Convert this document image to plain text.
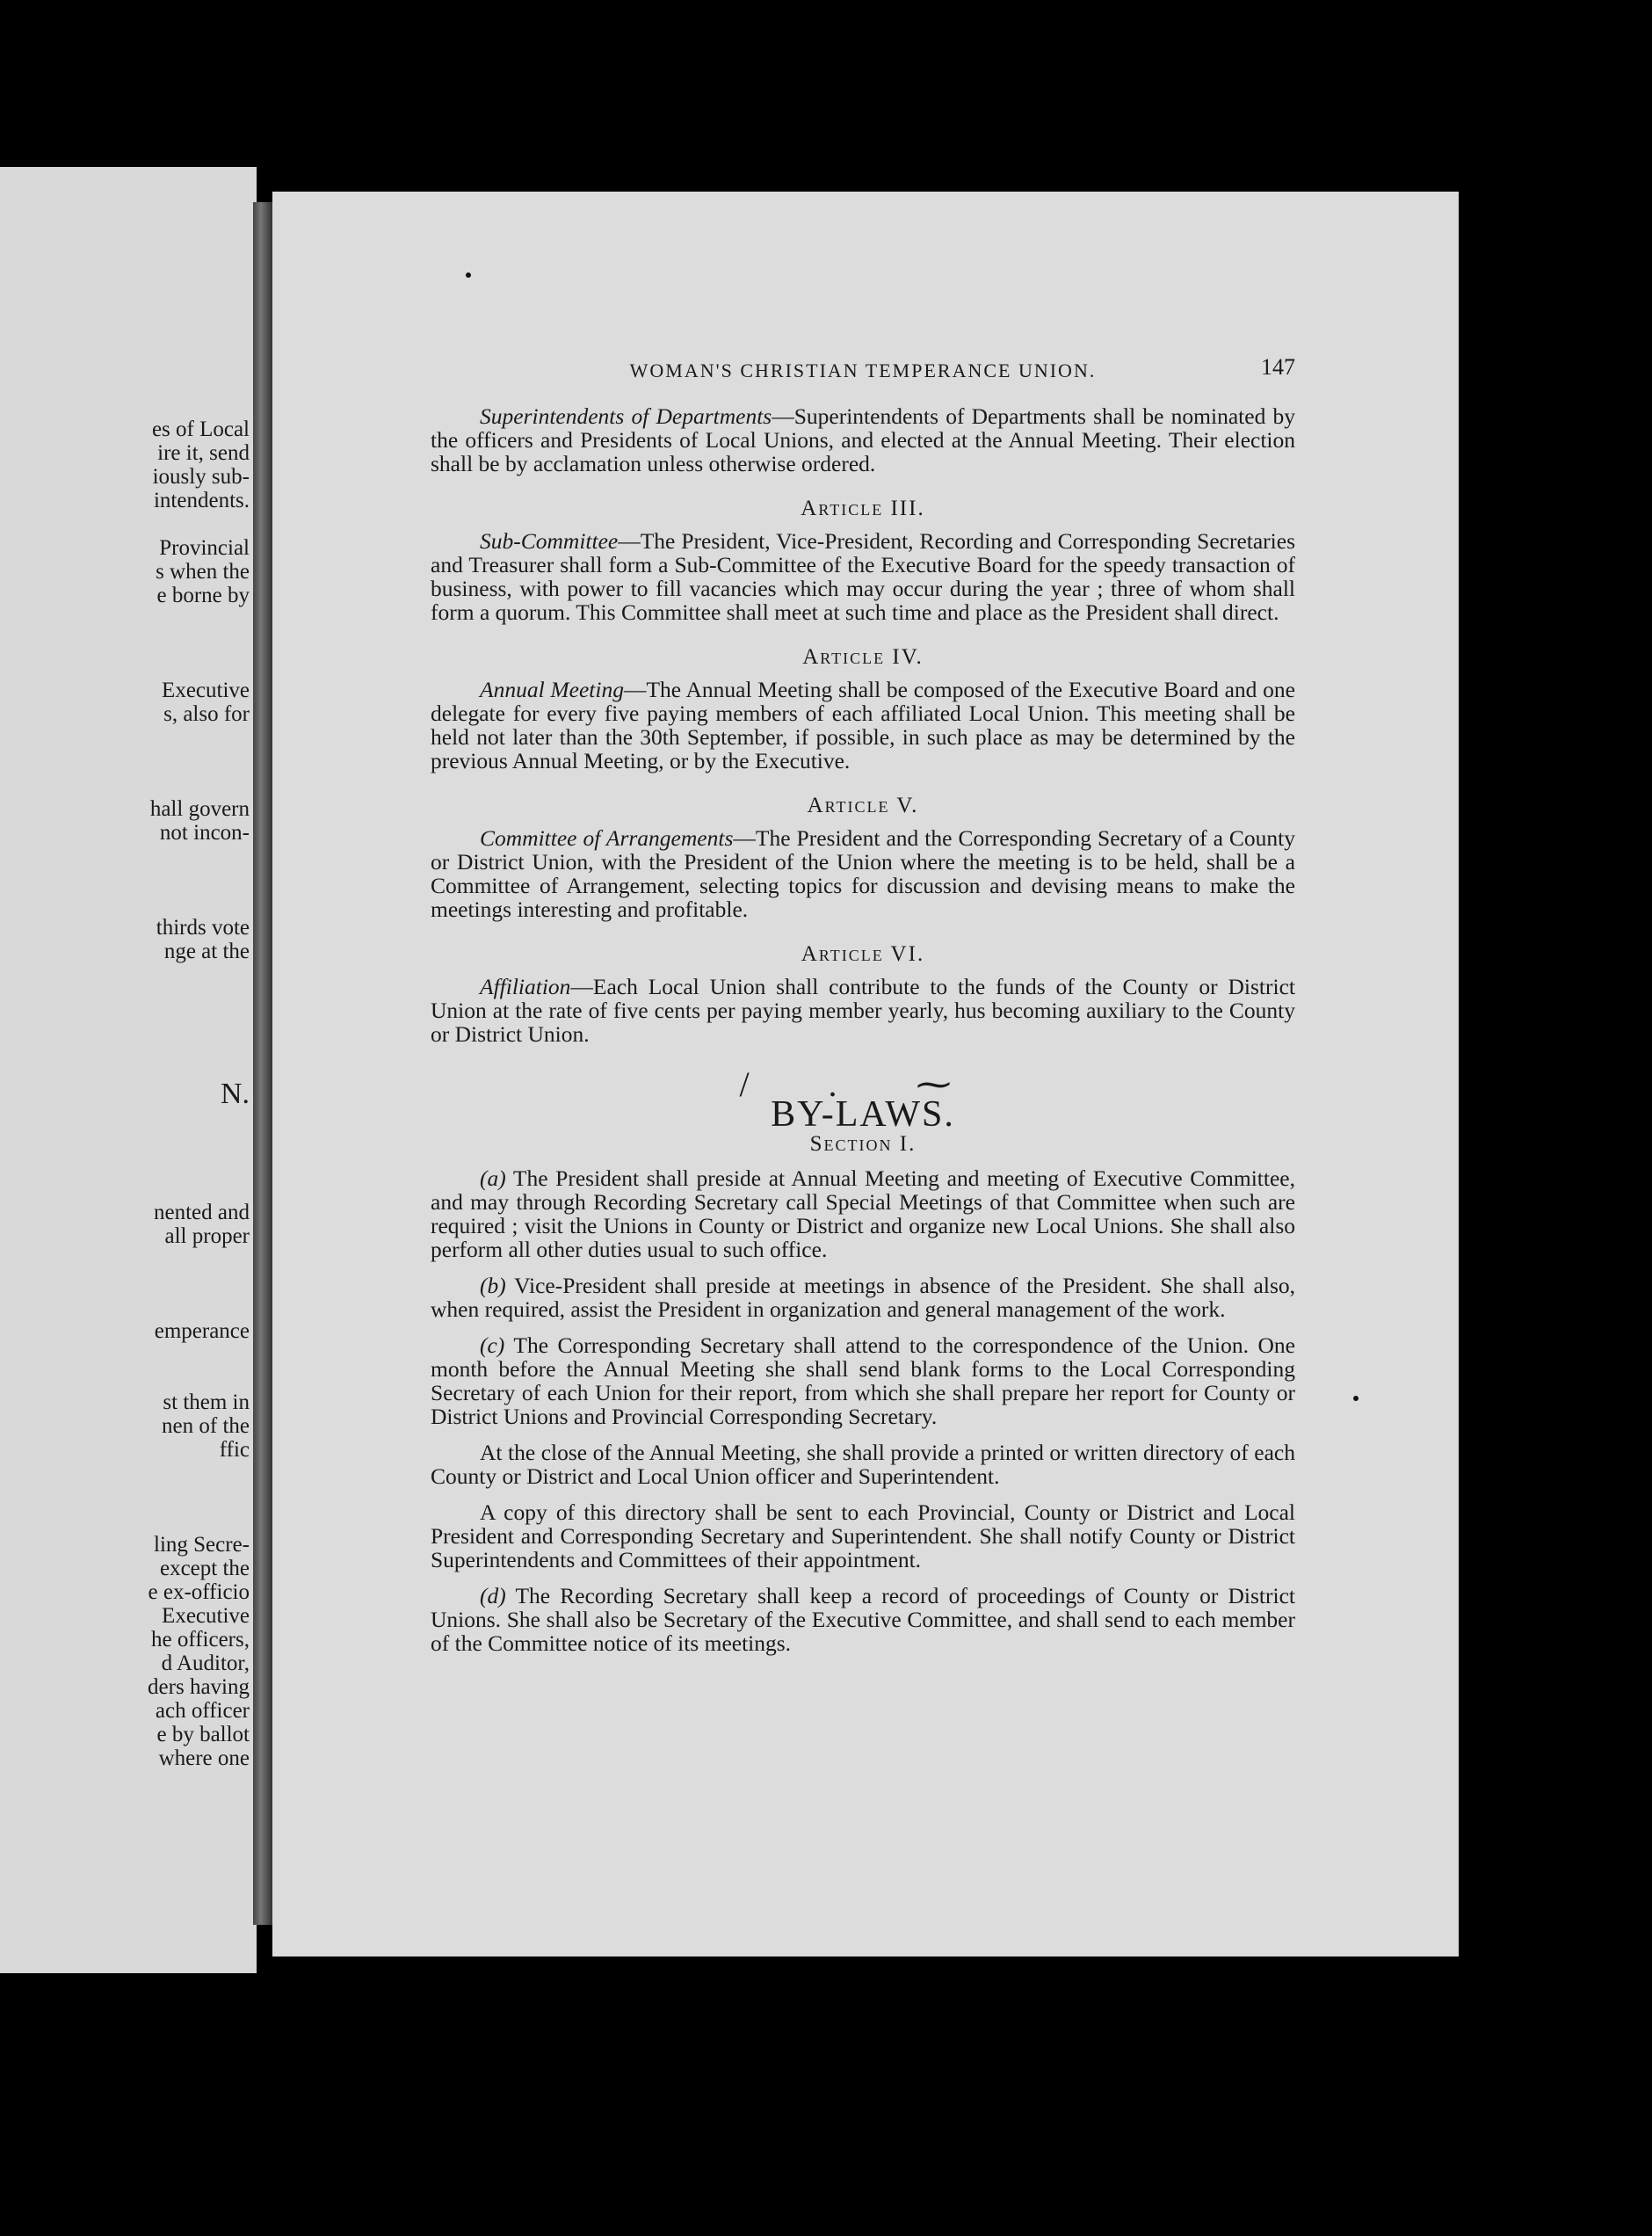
es of Local
ire it, send
iously sub-
intendents.
Provincial
s when the
e borne by
Executive
s, also for
hall govern
not incon-
thirds vote
nge at the
N.
nented and
all proper
emperance
st them in
nen of the
ffic
ling Secre-
except the
e ex-officio
Executive
he officers,
d Auditor,
ders having
ach officer
e by ballot
where one
WOMAN'S CHRISTIAN TEMPERANCE UNION.	147

Superintendents of Departments—Superintendents of Departments shall be nominated by the officers and Presidents of Local Unions, and elected at the Annual Meeting. Their election shall be by acclamation unless otherwise ordered.

Article III.

Sub-Committee—The President, Vice-President, Recording and Corresponding Secretaries and Treasurer shall form a Sub-Committee of the Executive Board for the speedy transaction of business, with power to fill vacancies which may occur during the year ; three of whom shall form a quorum. This Committee shall meet at such time and place as the President shall direct.

Article IV.

Annual Meeting—The Annual Meeting shall be composed of the Executive Board and one delegate for every five paying members of each affiliated Local Union. This meeting shall be held not later than the 30th September, if possible, in such place as may be determined by the previous Annual Meeting, or by the Executive.

Article V.

Committee of Arrangements—The President and the Corresponding Secretary of a County or District Union, with the President of the Union where the meeting is to be held, shall be a Committee of Arrangement, selecting topics for discussion and devising means to make the meetings interesting and profitable.

Article VI.

Affiliation—Each Local Union shall contribute to the funds of the County or District Union at the rate of five cents per paying member yearly, hus becoming auxiliary to the County or District Union.

/ . ⁓
BY-LAWS.
Section I.

(a) The President shall preside at Annual Meeting and meeting of Executive Committee, and may through Recording Secretary call Special Meetings of that Committee when such are required ; visit the Unions in County or District and organize new Local Unions. She shall also perform all other duties usual to such office.

(b) Vice-President shall preside at meetings in absence of the President. She shall also, when required, assist the President in organization and general management of the work.

(c) The Corresponding Secretary shall attend to the correspondence of the Union. One month before the Annual Meeting she shall send blank forms to the Local Corresponding Secretary of each Union for their report, from which she shall prepare her report for County or District Unions and Provincial Corresponding Secretary.

At the close of the Annual Meeting, she shall provide a printed or written directory of each County or District and Local Union officer and Superintendent.

A copy of this directory shall be sent to each Provincial, County or District and Local President and Corresponding Secretary and Superintendent. She shall notify County or District Superintendents and Committees of their appointment.

(d) The Recording Secretary shall keep a record of proceedings of County or District Unions. She shall also be Secretary of the Executive Committee, and shall send to each member of the Committee notice of its meetings.
